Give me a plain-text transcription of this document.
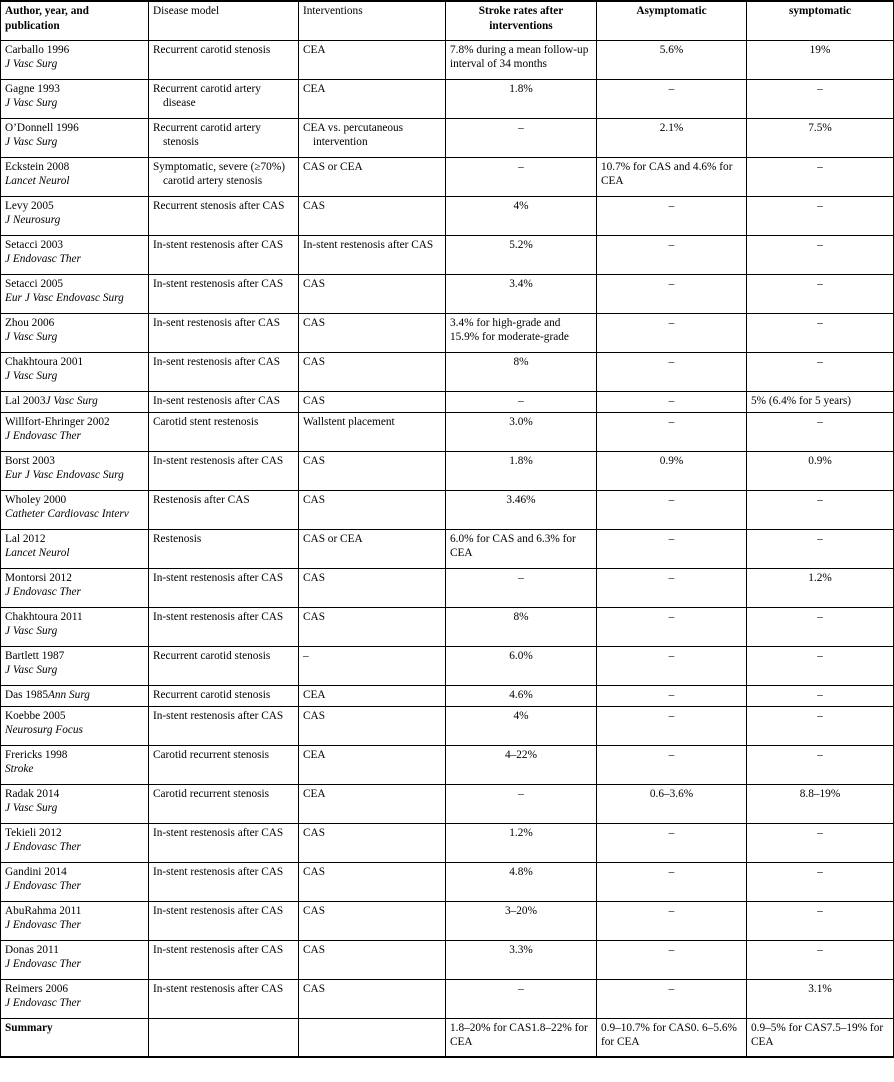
Author, year, and publication	Disease model	Interventions	Stroke rates after interventions	Asymptomatic	symptomatic
Carballo 1996
J Vasc Surg	Recurrent carotid stenosis	CEA	7.8% during a mean follow-up interval of 34 months	5.6%	19%
Gagne 1993
J Vasc Surg	Recurrent carotid artery disease	CEA	1.8%	–	–
O’Donnell 1996
J Vasc Surg	Recurrent carotid artery stenosis	CEA vs. percutaneous intervention	–	2.1%	7.5%
Eckstein 2008
Lancet Neurol	Symptomatic, severe (≥70%) carotid artery stenosis	CAS or CEA	–	10.7% for CAS and 4.6% for CEA	–
Levy 2005
J Neurosurg	Recurrent stenosis after CAS	CAS	4%	–	–
Setacci 2003
J Endovasc Ther	In-stent restenosis after CAS	In-stent restenosis after CAS	5.2%	–	–
Setacci 2005
Eur J Vasc Endovasc Surg	In-stent restenosis after CAS	CAS	3.4%	–	–
Zhou 2006
J Vasc Surg	In-sent restenosis after CAS	CAS	3.4% for high-grade and 15.9% for moderate-grade	–	–
Chakhtoura 2001
J Vasc Surg	In-sent restenosis after CAS	CAS	8%	–	–
Lal 2003J Vasc Surg	In-sent restenosis after CAS	CAS	–	–	5% (6.4% for 5 years)
Willfort-Ehringer 2002
J Endovasc Ther	Carotid stent restenosis	Wallstent placement	3.0%	–	–
Borst 2003
Eur J Vasc Endovasc Surg	In-stent restenosis after CAS	CAS	1.8%	0.9%	0.9%
Wholey 2000
Catheter Cardiovasc Interv	Restenosis after CAS	CAS	3.46%	–	–
Lal 2012
Lancet Neurol	Restenosis	CAS or CEA	6.0% for CAS and 6.3% for CEA	–	–
Montorsi 2012
J Endovasc Ther	In-stent restenosis after CAS	CAS	–	–	1.2%
Chakhtoura 2011
J Vasc Surg	In-stent restenosis after CAS	CAS	8%	–	–
Bartlett 1987
J Vasc Surg	Recurrent carotid stenosis	–	6.0%	–	–
Das 1985Ann Surg	Recurrent carotid stenosis	CEA	4.6%	–	–
Koebbe 2005
Neurosurg Focus	In-stent restenosis after CAS	CAS	4%	–	–
Frericks 1998
Stroke	Carotid recurrent stenosis	CEA	4–22%	–	–
Radak 2014
J Vasc Surg	Carotid recurrent stenosis	CEA	–	0.6–3.6%	8.8–19%
Tekieli 2012
J Endovasc Ther	In-stent restenosis after CAS	CAS	1.2%	–	–
Gandini 2014
J Endovasc Ther	In-stent restenosis after CAS	CAS	4.8%	–	–
AbuRahma 2011
J Endovasc Ther	In-stent restenosis after CAS	CAS	3–20%	–	–
Donas 2011
J Endovasc Ther	In-stent restenosis after CAS	CAS	3.3%	–	–
Reimers 2006
J Endovasc Ther	In-stent restenosis after CAS	CAS	–	–	3.1%
Summary			1.8–20% for CAS1.8–22% for CEA	0.9–10.7% for CAS0. 6–5.6% for CEA	0.9–5% for CAS7.5–19% for CEA
